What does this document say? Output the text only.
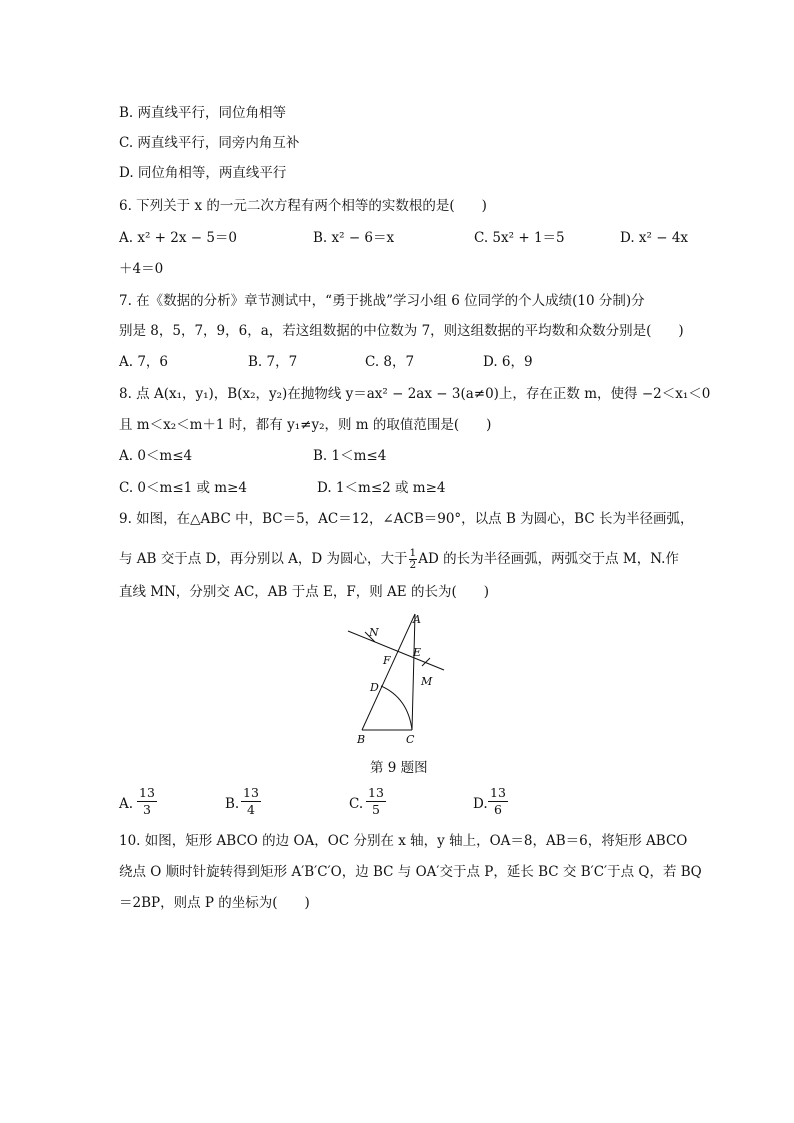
B. 两直线平行，同位角相等
C. 两直线平行，同旁内角互补
D. 同位角相等，两直线平行
6. 下列关于 x 的一元二次方程有两个相等的实数根的是(　　)
A. x² + 2x − 5＝0	B. x² − 6＝x	C. 5x² + 1＝5	D. x² − 4x
＋4＝0
7. 在《数据的分析》章节测试中，“勇于挑战”学习小组 6 位同学的个人成绩(10 分制)分
别是 8，5，7，9，6，a，若这组数据的中位数为 7，则这组数据的平均数和众数分别是(　　)
A. 7，6	B. 7，7	C. 8，7	D. 6，9
8. 点 A(x₁，y₁)，B(x₂，y₂)在抛物线 y＝ax² − 2ax − 3(a≠0)上，存在正数 m，使得 −2＜x₁＜0
且 m＜x₂＜m＋1 时，都有 y₁≠y₂，则 m 的取值范围是(　　)
A. 0＜m≤4	B. 1＜m≤4
C. 0＜m≤1 或 m≥4	D. 1＜m≤2 或 m≥4
9. 如图，在△ABC 中，BC＝5，AC＝12，∠ACB＝90°，以点 B 为圆心，BC 长为半径画弧，
与 AB 交于点 D，再分别以 A，D 为圆心，大于 $\frac{1}{2}$ AD 的长为半径画弧，两弧交于点 M，N.作
直线 MN，分别交 AC，AB 于点 E，F，则 AE 的长为(　　)
A
N
F
E
M
D
B	C
第 9 题图
A. $\frac{13}{3}$	B. $\frac{13}{4}$	C. $\frac{13}{5}$	D. $\frac{13}{6}$
10. 如图，矩形 ABCO 的边 OA，OC 分别在 x 轴，y 轴上，OA＝8，AB＝6，将矩形 ABCO
绕点 O 顺时针旋转得到矩形 A′B′C′O，边 BC 与 OA′交于点 P，延长 BC 交 B′C′于点 Q，若 BQ
＝2BP，则点 P 的坐标为(　　)
